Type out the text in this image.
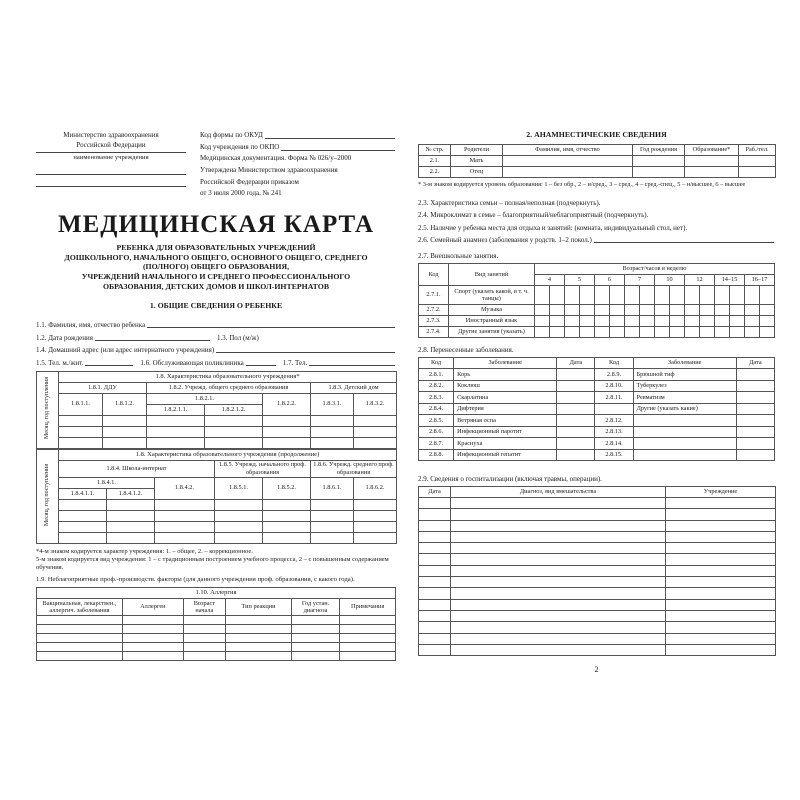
Министерство здравоохранения
Российской Федерации
наименование учреждения
Код формы по ОКУД
Код учреждения по ОКПО
Медицинская документация. Форма № 026/у–2000
Утверждена Министерством здравоохранения
Российской Федерации приказом
от 3 июля 2000 года, № 241
МЕДИЦИНСКАЯ КАРТА
РЕБЕНКА ДЛЯ ОБРАЗОВАТЕЛЬНЫХ УЧРЕЖДЕНИЙ
ДОШКОЛЬНОГО, НАЧАЛЬНОГО ОБЩЕГО, ОСНОВНОГО ОБЩЕГО, СРЕДНЕГО
(ПОЛНОГО) ОБЩЕГО ОБРАЗОВАНИЯ,
УЧРЕЖДЕНИЙ НАЧАЛЬНОГО И СРЕДНЕГО ПРОФЕССИОНАЛЬНОГО
ОБРАЗОВАНИЯ, ДЕТСКИХ ДОМОВ И ШКОЛ-ИНТЕРНАТОВ
1. ОБЩИЕ СВЕДЕНИЯ О РЕБЕНКЕ
1.1. Фамилия, имя, отчество ребенка
1.2. Дата рождения	1.3. Пол (м/ж)
1.4. Домашний адрес (или адрес интернатного учреждения)
1.5. Тел. м./жит.	1.6. Обслуживающая поликлиника	1.7. Тел.
Месяц, год поступления	1.8. Характеристика образовательного учреждения*						
	1.8.1. ДДУ		1.8.2. Учрежд. общего среднего образования			1.8.3. Детский дом	
	1.8.1.1.	1.8.1.2.	1.8.2.1.		1.8.2.2.	1.8.3.1.	1.8.3.2.
			1.8.2.1.1.	1.8.2.1.2.			

Месяц, год поступления	1.8. Характеристика образовательного учреждения (продолжение)						
	1.8.4. Школа-интернат			1.8.5. Учрежд. начального проф. образования		1.8.6. Учрежд. среднего проф. образования	
	1.8.4.1.		1.8.4.2.	1.8.5.1.	1.8.5.2.	1.8.6.1.	1.8.6.2.
	1.8.4.1.1.	1.8.4.1.2.					

*4-м знаком кодируется характер учреждения: 1. – общее, 2. – коррекционное.
5-м знаком кодируется вид учреждения: 1 – с традиционным построением учебного процесса, 2 – с повышенным содержанием обучения.
1.9. Неблагоприятные проф.-производств. факторы (для данного учреждения проф. образования, с какого года).
1.10. Аллергия					
Вакцинальная, лекарствен., аллергич. заболевания	Аллерген	Возраст начала	Тип реакции	Год устан. диагноза	Примечания

2. АНАМНЕСТИЧЕСКИЕ СВЕДЕНИЯ
№ стр.	Родители	Фамилия, имя, отчество	Год рождения	Образование*	Раб./тел.
2.1.	Мать				
2.2.	Отец				
* 3-м знаком кодируется уровень образования: 1 – без обр., 2 – н/сред., 3 – сред., 4 – сред.-спец., 5 – н/высшее, 6 – высшее
2.3. Характеристика семьи – полная/неполная (подчеркнуть).
2.4. Микроклимат в семье – благоприятный/неблагоприятный (подчеркнуть).
2.5. Наличие у ребенка места для отдыха и занятий: (комната, индивидуальный стол, нет).
2.6. Семейный анамнез (заболевания у родств. 1–2 покол.)
2.7. Внешкольные занятия.
Код	Вид занятий	Возраст/часов в неделю															
		4		5		6		7		10		12		14–15		16–17	
2.7.1.	Спорт (указать какой, в т. ч. танцы)																
2.7.2.	Музыка																
2.7.3.	Иностранный язык																
2.7.4.	Другие занятия (указать)																
2.8. Перенесенные заболевания.
Код	Заболевание	Дата	Код	Заболевание	Дата
2.8.1.	Корь		2.8.9.	Брюшной тиф	
2.8.2.	Коклюш		2.8.10.	Туберкулез	
2.8.3.	Скарлатина		2.8.11.	Ревматизм	
2.8.4.	Дифтерия			Другие (указать какие)	
2.8.5.	Ветряная оспа		2.8.12.		
2.8.6.	Инфекционный паротит		2.8.13.		
2.8.7.	Краснуха		2.8.14.		
2.8.8.	Инфекционный гепатит		2.8.15.		
2.9. Сведения о госпитализации (включая травмы, операции).
Дата	Диагноз, вид вмешательства	Учреждение

2
